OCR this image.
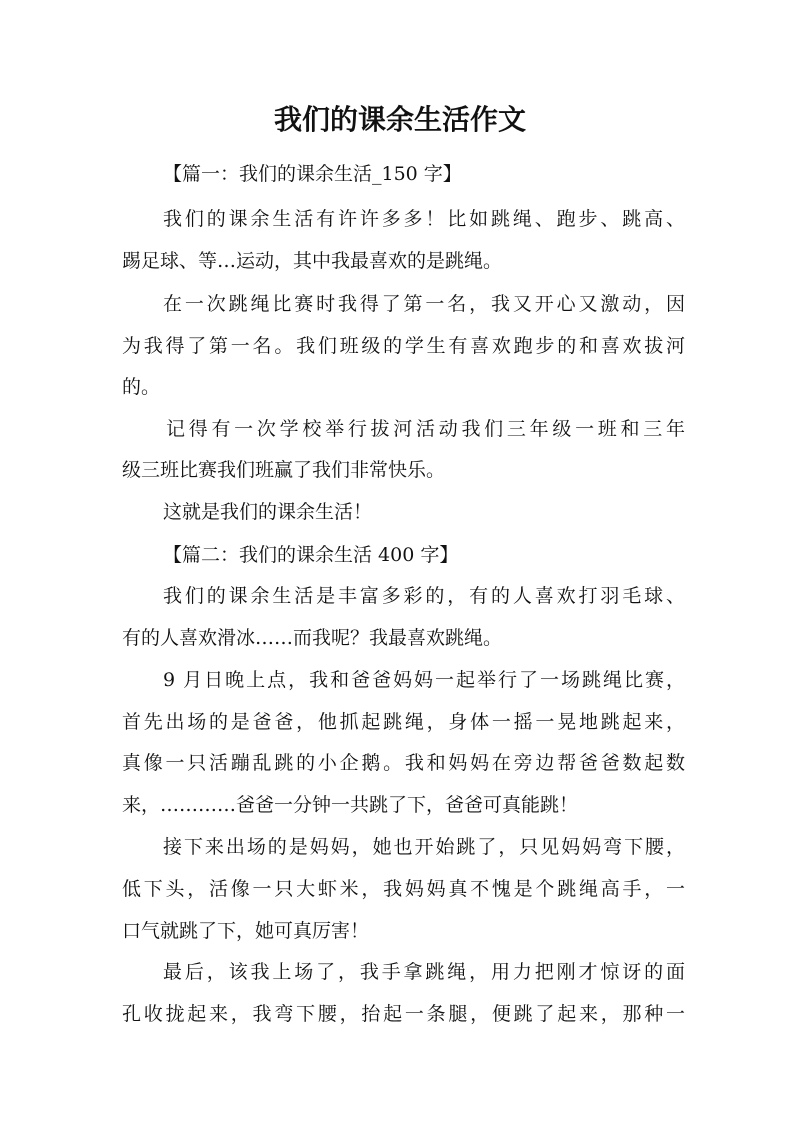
我们的课余生活作文
【篇一：我们的课余生活_150 字】
我们的课余生活有许许多多！比如跳绳、跑步、跳高、
踢足球、等…运动，其中我最喜欢的是跳绳。
在一次跳绳比赛时我得了第一名，我又开心又激动，因
为我得了第一名。我们班级的学生有喜欢跑步的和喜欢拔河
的。
记得有一次学校举行拔河活动我们三年级一班和三年
级三班比赛我们班赢了我们非常快乐。
这就是我们的课余生活！
【篇二：我们的课余生活 400 字】
我们的课余生活是丰富多彩的，有的人喜欢打羽毛球、
有的人喜欢滑冰……而我呢？我最喜欢跳绳。
9 月日晚上点，我和爸爸妈妈一起举行了一场跳绳比赛，
首先出场的是爸爸，他抓起跳绳，身体一摇一晃地跳起来，
真像一只活蹦乱跳的小企鹅。我和妈妈在旁边帮爸爸数起数
来，…………爸爸一分钟一共跳了下，爸爸可真能跳！
接下来出场的是妈妈，她也开始跳了，只见妈妈弯下腰，
低下头，活像一只大虾米，我妈妈真不愧是个跳绳高手，一
口气就跳了下，她可真厉害！
最后，该我上场了，我手拿跳绳，用力把刚才惊讶的面
孔收拢起来，我弯下腰，抬起一条腿，便跳了起来，那种一
